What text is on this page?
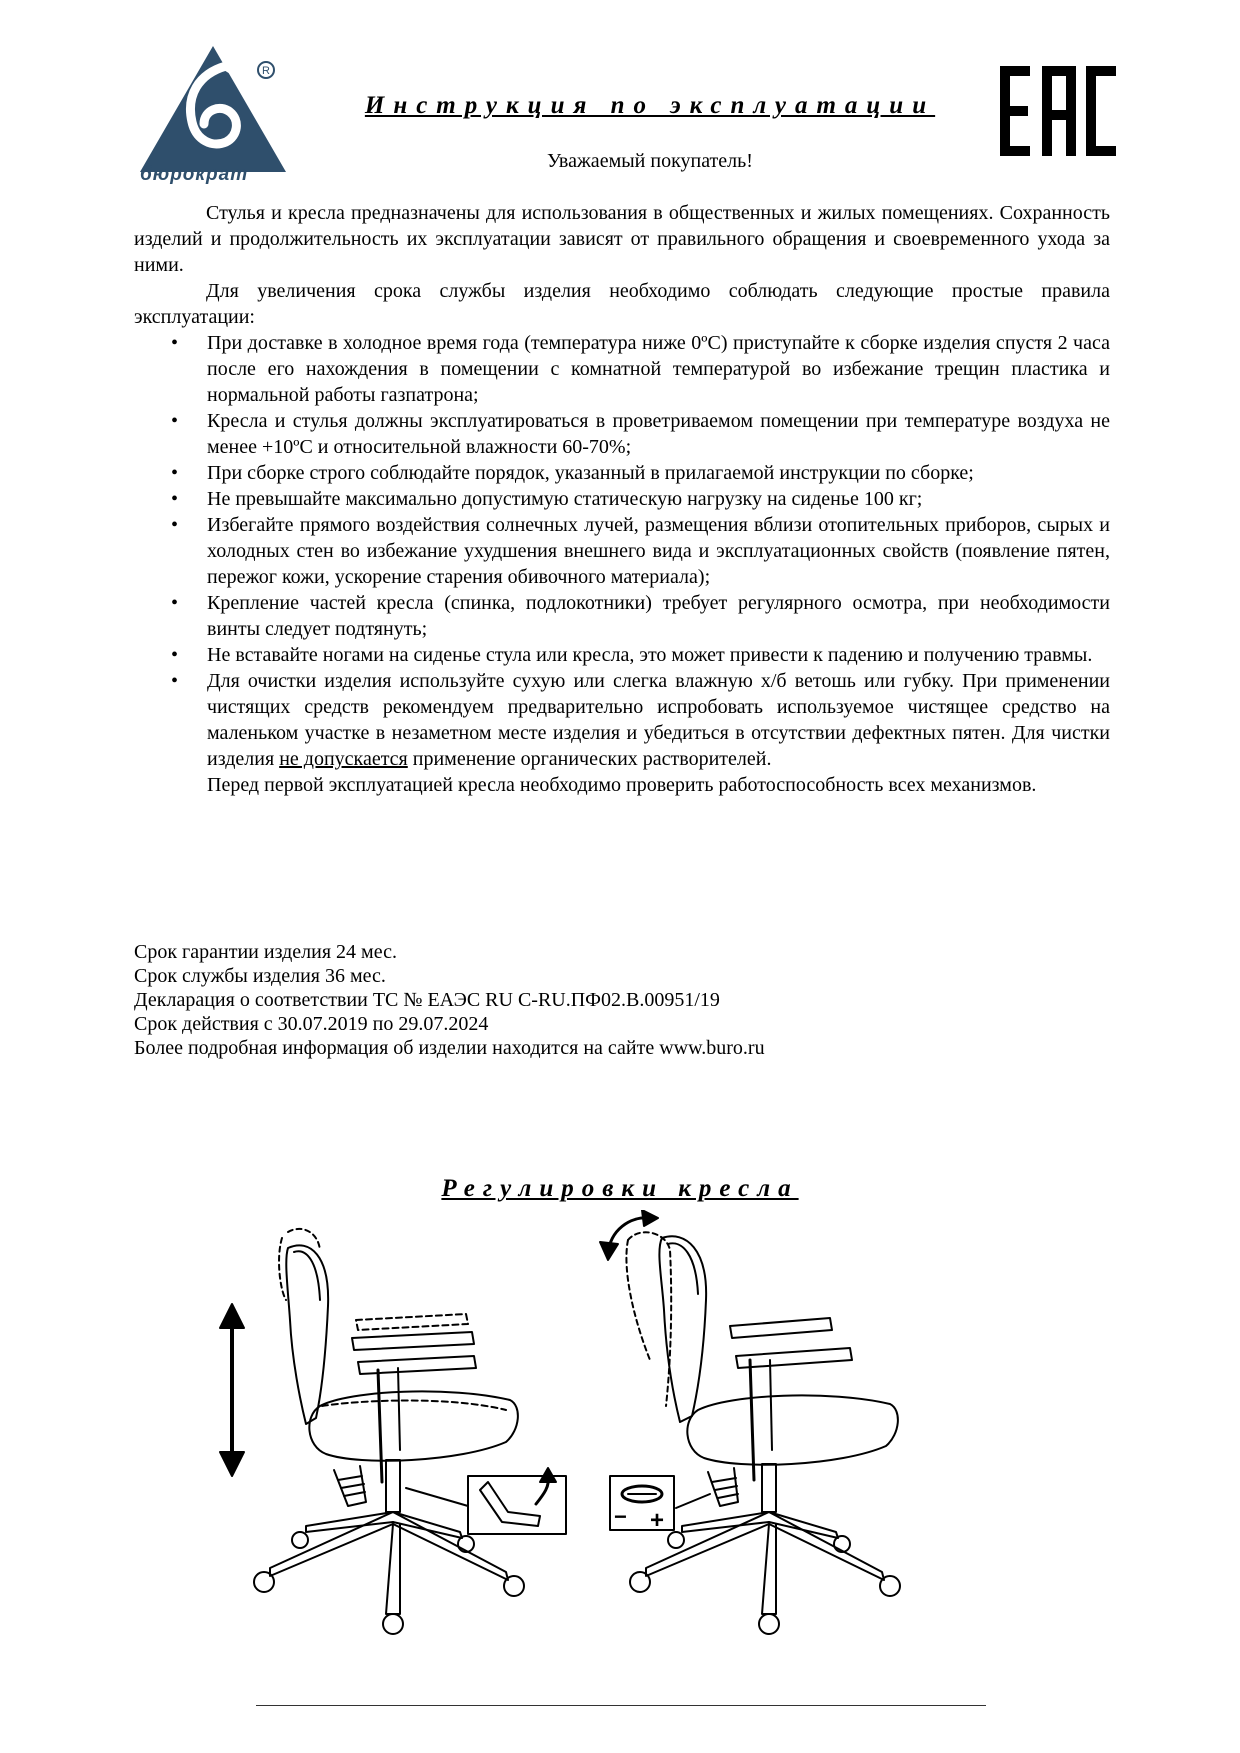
R
бюрократ
Инструкция по эксплуатации
Уважаемый покупатель!

Стулья и кресла предназначены для использования в общественных и жилых помещениях. Сохранность изделий и продолжительность их эксплуатации зависят от правильного обращения и своевременного ухода за ними.

Для увеличения срока службы изделия необходимо соблюдать следующие простые правила эксплуатации:

• При доставке в холодное время года (температура ниже 0ºС) приступайте к сборке изделия спустя 2 часа после его нахождения в помещении с комнатной температурой во избежание трещин пластика и нормальной работы газпатрона;
• Кресла и стулья должны эксплуатироваться в проветриваемом помещении при температуре воздуха не менее +10ºС и относительной влажности 60-70%;
• При сборке строго соблюдайте порядок, указанный в прилагаемой инструкции по сборке;
• Не превышайте максимально допустимую статическую нагрузку на сиденье 100 кг;
• Избегайте прямого воздействия солнечных лучей, размещения вблизи отопительных приборов, сырых и холодных стен во избежание ухудшения внешнего вида и эксплуатационных свойств (появление пятен, пережог кожи, ускорение старения обивочного материала);
• Крепление частей кресла (спинка, подлокотники) требует регулярного осмотра, при необходимости винты следует подтянуть;
• Не вставайте ногами на сиденье стула или кресла, это может привести к падению и получению травмы.
• Для очистки изделия используйте сухую или слегка влажную х/б ветошь или губку. При применении чистящих средств рекомендуем предварительно испробовать используемое чистящее средство на маленьком участке в незаметном месте изделия и убедиться в отсутствии дефектных пятен. Для чистки изделия не допускается применение органических растворителей.

Перед первой эксплуатацией кресла необходимо проверить работоспособность всех механизмов.

Срок гарантии изделия 24 мес.
Срок службы изделия 36 мес.
Декларация о соответствии ТС № ЕАЭС RU C-RU.ПФ02.В.00951/19
Срок действия с 30.07.2019 по 29.07.2024
Более подробная информация об изделии находится на сайте www.buro.ru
Регулировки кресла
− +
